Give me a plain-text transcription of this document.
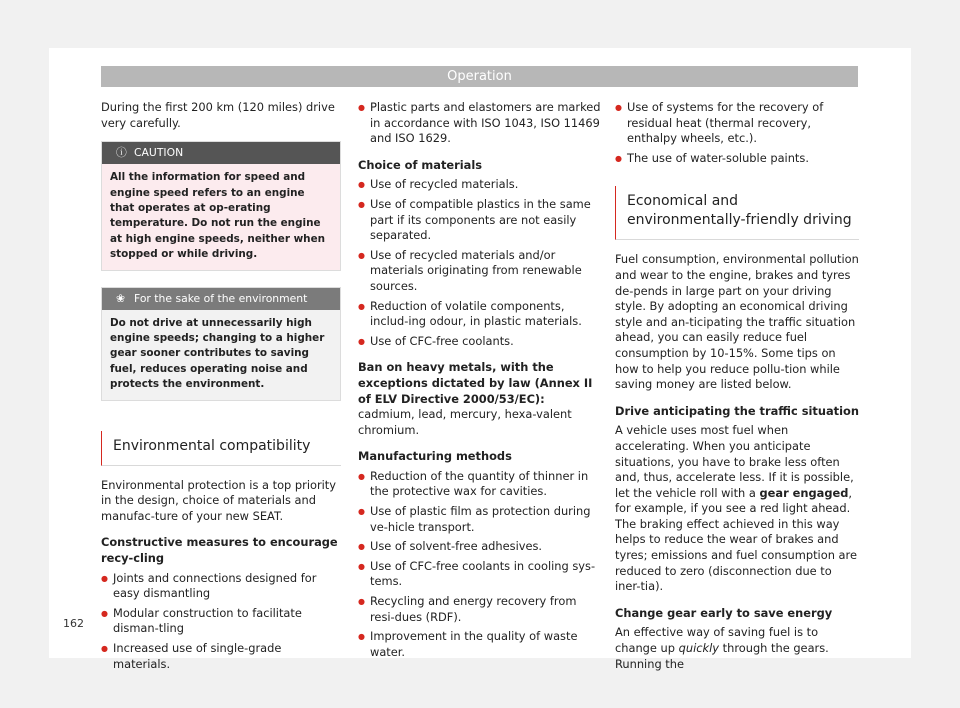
Operation

During the first 200 km (120 miles) drive very carefully.

ⓘ CAUTION
All the information for speed and engine speed refers to an engine that operates at op-erating temperature. Do not run the engine at high engine speeds, neither when stopped or while driving.
❀ For the sake of the environment
Do not drive at unnecessarily high engine speeds; changing to a higher gear sooner contributes to saving fuel, reduces operating noise and protects the environment.
Environmental compatibility

Environmental protection is a top priority in the design, choice of materials and manufac-ture of your new SEAT.

Constructive measures to encourage recy-cling
● Joints and connections designed for easy dismantling
● Modular construction to facilitate disman-tling
● Increased use of single-grade materials.
● Plastic parts and elastomers are marked in accordance with ISO 1043, ISO 11469 and ISO 1629.
Choice of materials
● Use of recycled materials.
● Use of compatible plastics in the same part if its components are not easily separated.
● Use of recycled materials and/or materials originating from renewable sources.
● Reduction of volatile components, includ-ing odour, in plastic materials.
● Use of CFC-free coolants.

Ban on heavy metals, with the exceptions dictated by law (Annex II of ELV Directive 2000/53/EC): cadmium, lead, mercury, hexa-valent chromium.

Manufacturing methods
● Reduction of the quantity of thinner in the protective wax for cavities.
● Use of plastic film as protection during ve-hicle transport.
● Use of solvent-free adhesives.
● Use of CFC-free coolants in cooling sys-tems.
● Recycling and energy recovery from resi-dues (RDF).
● Improvement in the quality of waste water.
● Use of systems for the recovery of residual heat (thermal recovery, enthalpy wheels, etc.).
● The use of water-soluble paints.
Economical and environmentally-friendly driving

Fuel consumption, environmental pollution and wear to the engine, brakes and tyres de-pends in large part on your driving style. By adopting an economical driving style and an-ticipating the traffic situation ahead, you can easily reduce fuel consumption by 10-15%. Some tips on how to help you reduce pollu-tion while saving money are listed below.

Drive anticipating the traffic situation

A vehicle uses most fuel when accelerating. When you anticipate situations, you have to brake less often and, thus, accelerate less. If it is possible, let the vehicle roll with a gear engaged, for example, if you see a red light ahead. The braking effect achieved in this way helps to reduce the wear of brakes and tyres; emissions and fuel consumption are reduced to zero (disconnection due to iner-tia).

Change gear early to save energy

An effective way of saving fuel is to change up quickly through the gears. Running the

162
